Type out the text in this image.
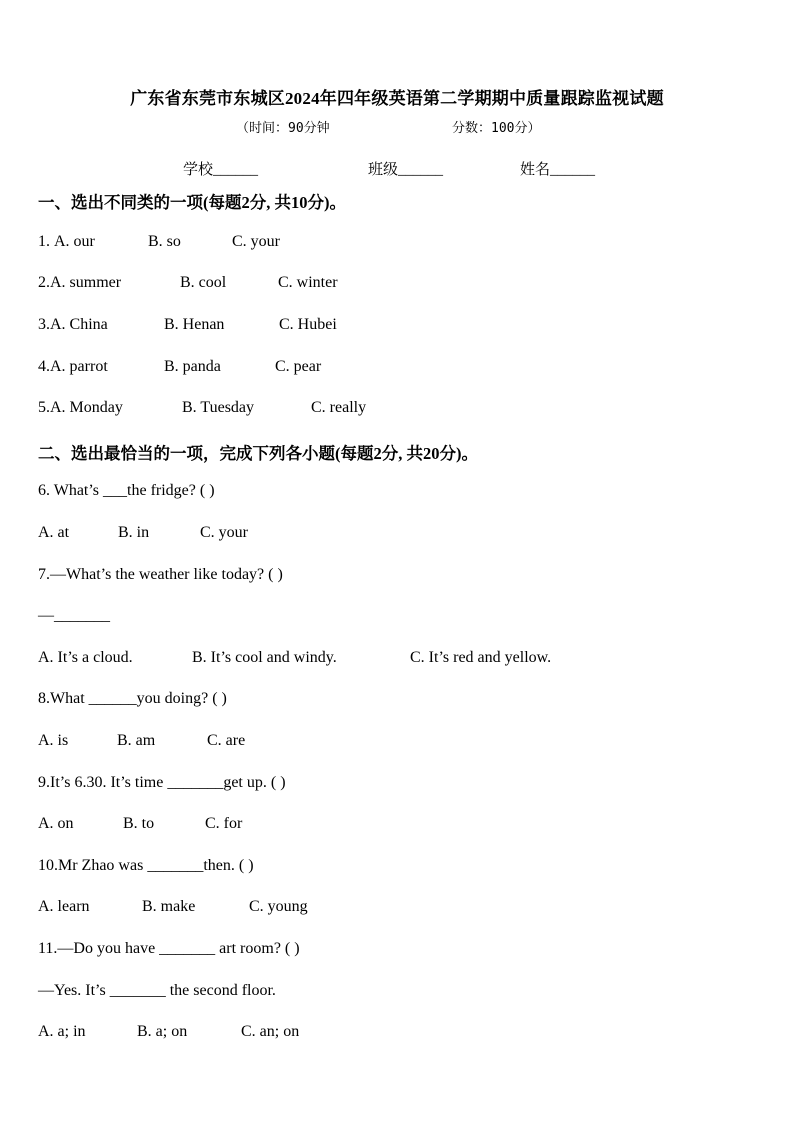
广东省东莞市东城区2024年四年级英语第二学期期中质量跟踪监视试题
（时间：90分钟	分数：100分）
学校______	班级______	姓名______
一、选出不同类的一项(每题2分, 共10分)。
1. A. our	B. so	C. your
2.A. summer	B. cool	C. winter
3.A. China	B. Henan	C. Hubei
4.A. parrot	B. panda	C. pear
5.A. Monday	B. Tuesday	C. really
二、选出最恰当的一项，完成下列各小题(每题2分, 共20分)。
6. What’s ___the fridge? ( )
A. at	B. in	C. your
7.—What’s the weather like today? ( )
—_______
A. It’s a cloud.	B. It’s cool and windy.	C. It’s red and yellow.
8.What ______you doing? ( )
A. is	B. am	C. are
9.It’s 6.30. It’s time _______get up. ( )
A. on	B. to	C. for
10.Mr Zhao was _______then. ( )
A. learn	B. make	C. young
11.—Do you have _______ art room? ( )
—Yes. It’s _______ the second floor.
A. a; in	B. a; on	C. an; on
